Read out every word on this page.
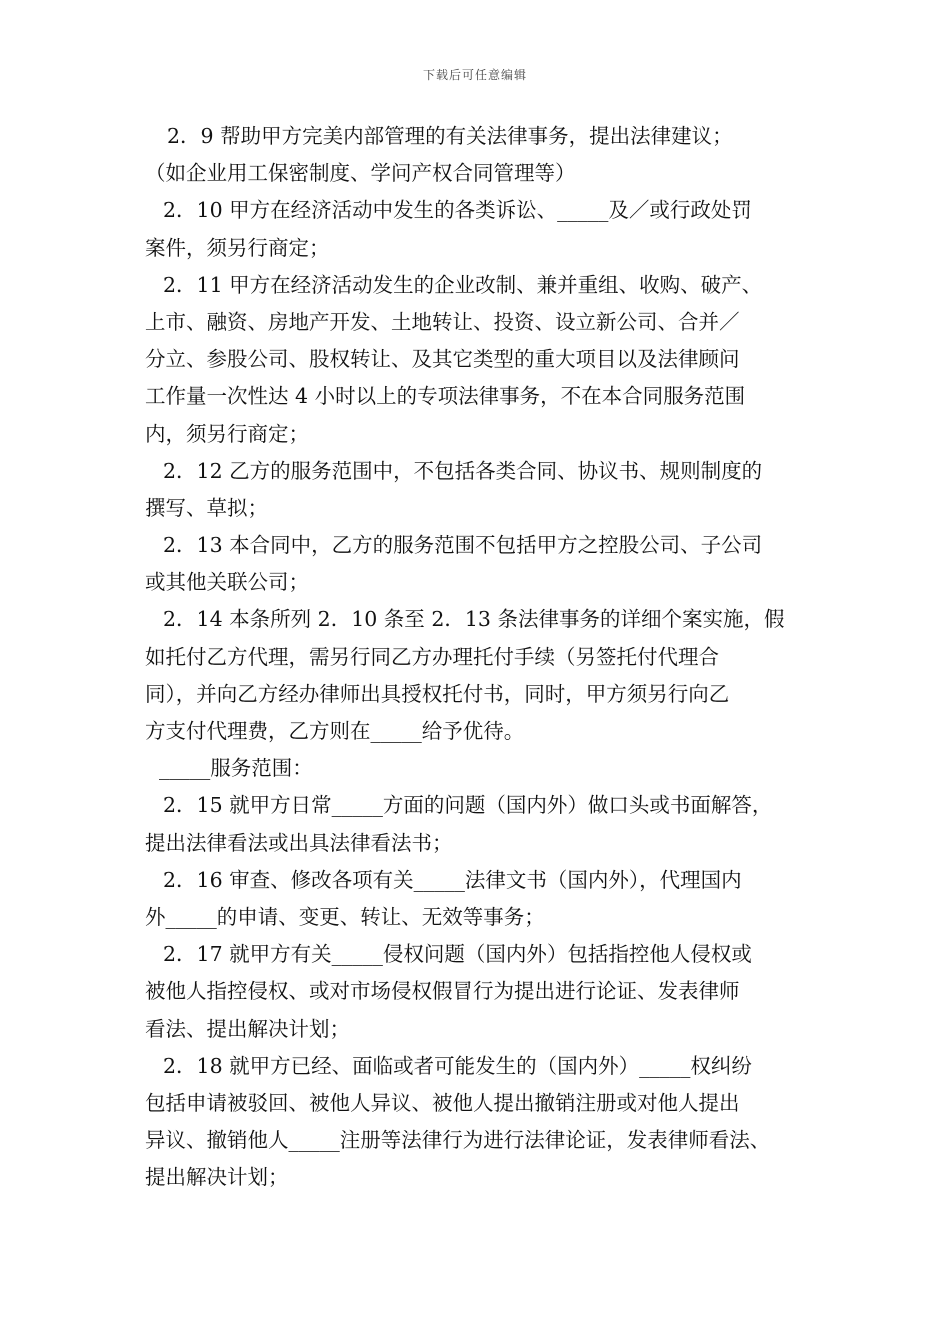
下载后可任意编辑
2．9 帮助甲方完美内部管理的有关法律事务，提出法律建议；
（如企业用工保密制度、学问产权合同管理等）
2．10 甲方在经济活动中发生的各类诉讼、_____及／或行政处罚
案件，须另行商定；
2．11 甲方在经济活动发生的企业改制、兼并重组、收购、破产、
上市、融资、房地产开发、土地转让、投资、设立新公司、合并／
分立、参股公司、股权转让、及其它类型的重大项目以及法律顾问
工作量一次性达 4 小时以上的专项法律事务，不在本合同服务范围
内，须另行商定；
2．12 乙方的服务范围中，不包括各类合同、协议书、规则制度的
撰写、草拟；
2．13 本合同中，乙方的服务范围不包括甲方之控股公司、子公司
或其他关联公司；
2．14 本条所列 2．10 条至 2．13 条法律事务的详细个案实施，假
如托付乙方代理，需另行同乙方办理托付手续（另签托付代理合
同），并向乙方经办律师出具授权托付书，同时，甲方须另行向乙
方支付代理费，乙方则在_____给予优待。
_____服务范围：
2．15 就甲方日常_____方面的问题（国内外）做口头或书面解答，
提出法律看法或出具法律看法书；
2．16 审查、修改各项有关_____法律文书（国内外），代理国内
外_____的申请、变更、转让、无效等事务；
2．17 就甲方有关_____侵权问题（国内外）包括指控他人侵权或
被他人指控侵权、或对市场侵权假冒行为提出进行论证、发表律师
看法、提出解决计划；
2．18 就甲方已经、面临或者可能发生的（国内外）_____权纠纷
包括申请被驳回、被他人异议、被他人提出撤销注册或对他人提出
异议、撤销他人_____注册等法律行为进行法律论证，发表律师看法、
提出解决计划；
